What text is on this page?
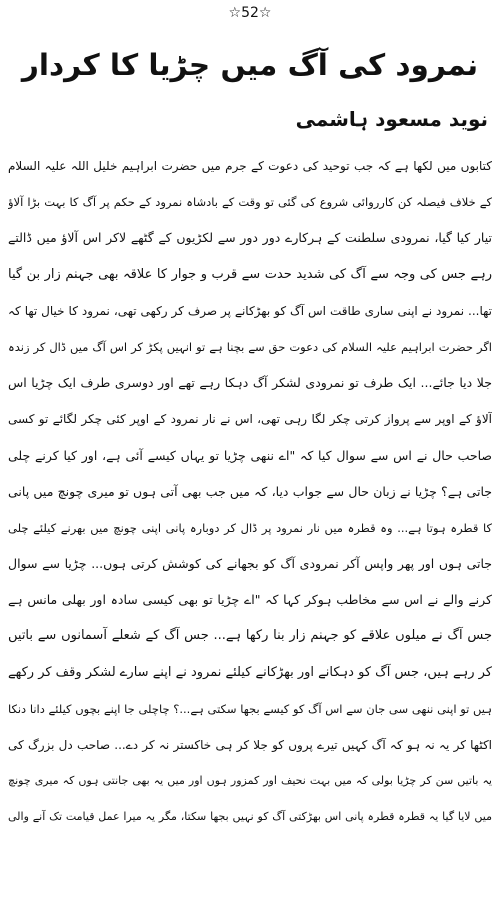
☆52☆
نمرود کی آگ میں چڑیا کا کردار
نوید مسعود ہاشمی
کتابوں میں لکھا ہے کہ جب توحید کی دعوت کے جرم میں حضرت ابراہیم خلیل اللہ علیہ السلام
کے خلاف فیصلہ کن کارروائی شروع کی گئی تو وقت کے بادشاہ نمرود کے حکم پر آگ کا بہت بڑا آلاؤ
تیار کیا گیا، نمرودی سلطنت کے ہرکارے دور دور سے لکڑیوں کے گٹھے لاکر اس آلاؤ میں ڈالتے
رہے جس کی وجہ سے آگ کی شدید حدت سے قرب و جوار کا علاقہ بھی جہنم زار بن گیا
تھا... نمرود نے اپنی ساری طاقت اس آگ کو بھڑکانے پر صرف کر رکھی تھی، نمرود کا خیال تھا کہ
اگر حضرت ابراہیم علیہ السلام کی دعوت حق سے بچنا ہے تو انہیں پکڑ کر اس آگ میں ڈال کر زندہ
جلا دیا جائے... ایک طرف تو نمرودی لشکر آگ دہکا رہے تھے اور دوسری طرف ایک چڑیا اس
آلاؤ کے اوپر سے پرواز کرتی چکر لگا رہی تھی، اس نے نار نمرود کے اوپر کئی چکر لگائے تو کسی
صاحب حال نے اس سے سوال کیا کہ "اے ننھی چڑیا تو یہاں کیسے آئی ہے، اور کیا کرنے چلی
جاتی ہے؟ چڑیا نے زبان حال سے جواب دیا، کہ میں جب بھی آتی ہوں تو میری چونچ میں پانی
کا قطرہ ہوتا ہے... وہ قطرہ میں نار نمرود پر ڈال کر دوبارہ پانی اپنی چونچ میں بھرنے کیلئے چلی
جاتی ہوں اور پھر واپس آکر نمرودی آگ کو بجھانے کی کوشش کرتی ہوں... چڑیا سے سوال
کرنے والے نے اس سے مخاطب ہوکر کہا کہ "اے چڑیا تو بھی کیسی سادہ اور بھلی مانس ہے
جس آگ نے میلوں علاقے کو جہنم زار بنا رکھا ہے... جس آگ کے شعلے آسمانوں سے باتیں
کر رہے ہیں، جس آگ کو دہکانے اور بھڑکانے کیلئے نمرود نے اپنے سارے لشکر وقف کر رکھے
ہیں تو اپنی ننھی سی جان سے اس آگ کو کیسے بجھا سکتی ہے...؟ چاچلی جا اپنے بچوں کیلئے دانا دنکا
اکٹھا کر یہ نہ ہو کہ آگ کہیں تیرے پروں کو جلا کر ہی خاکستر نہ کر دے... صاحب دل بزرگ کی
یہ باتیں سن کر چڑیا بولی کہ میں بہت نحیف اور کمزور ہوں اور میں یہ بھی جانتی ہوں کہ میری چونچ
میں لایا گیا یہ قطرہ قطرہ پانی اس بھڑکتی آگ کو نہیں بجھا سکتا، مگر یہ میرا عمل قیامت تک آنے والی
